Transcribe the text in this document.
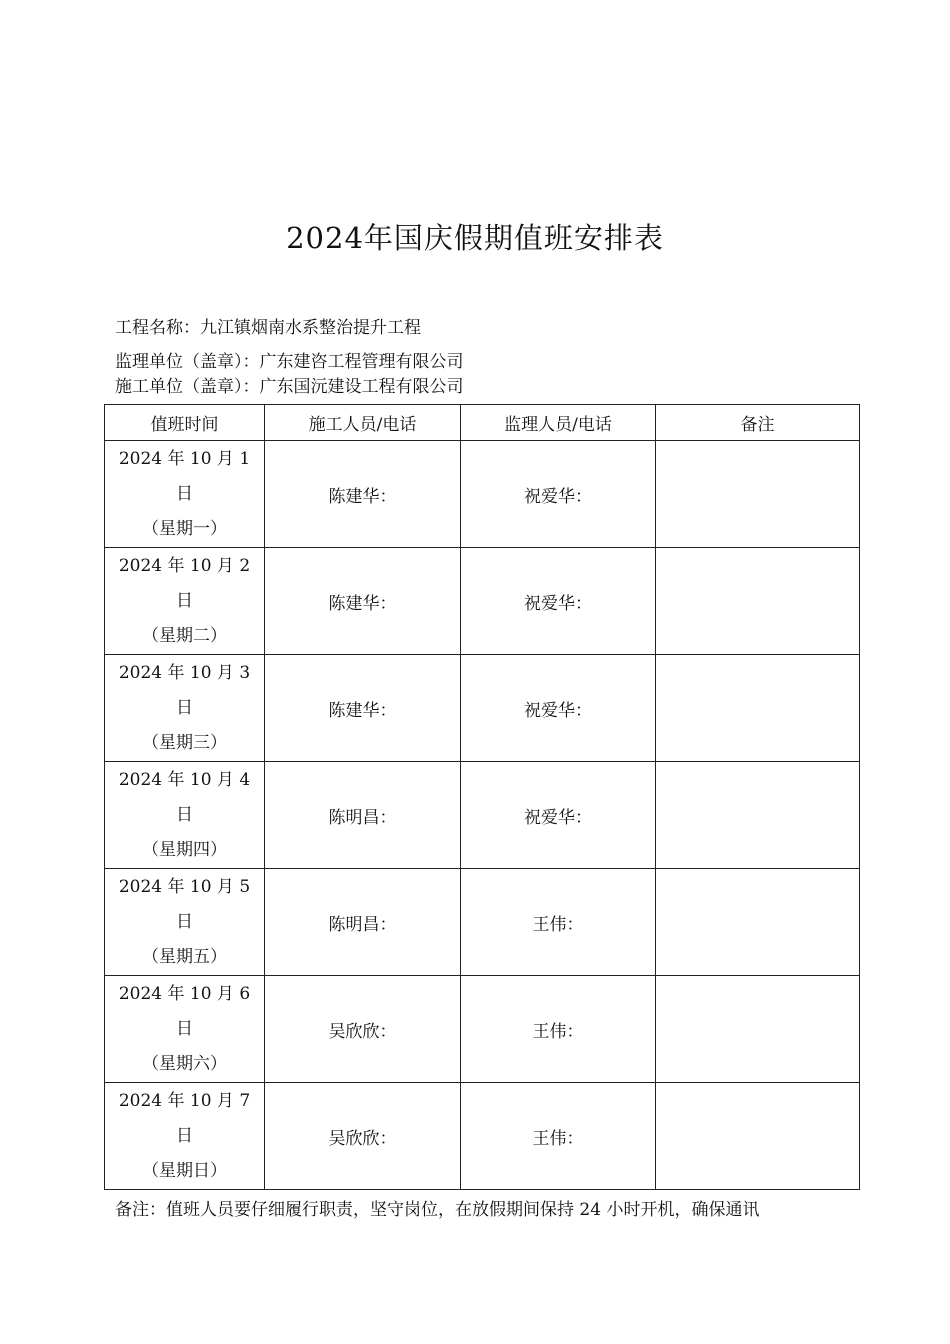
2024年国庆假期值班安排表
工程名称：九江镇烟南水系整治提升工程
监理单位（盖章）：广东建咨工程管理有限公司
施工单位（盖章）：广东国沅建设工程有限公司
值班时间	施工人员/电话	监理人员/电话	备注

2024 年 10 月 1
日
（星期一）	陈建华：	祝爱华：	

2024 年 10 月 2
日
（星期二）	陈建华：	祝爱华：	

2024 年 10 月 3
日
（星期三）	陈建华：	祝爱华：	

2024 年 10 月 4
日
（星期四）	陈明昌：	祝爱华：	

2024 年 10 月 5
日
（星期五）	陈明昌：	王伟：	

2024 年 10 月 6
日
（星期六）	吴欣欣：	王伟：	

2024 年 10 月 7
日
（星期日）	吴欣欣：	王伟：	
备注：值班人员要仔细履行职责，坚守岗位，在放假期间保持 24 小时开机，确保通讯
